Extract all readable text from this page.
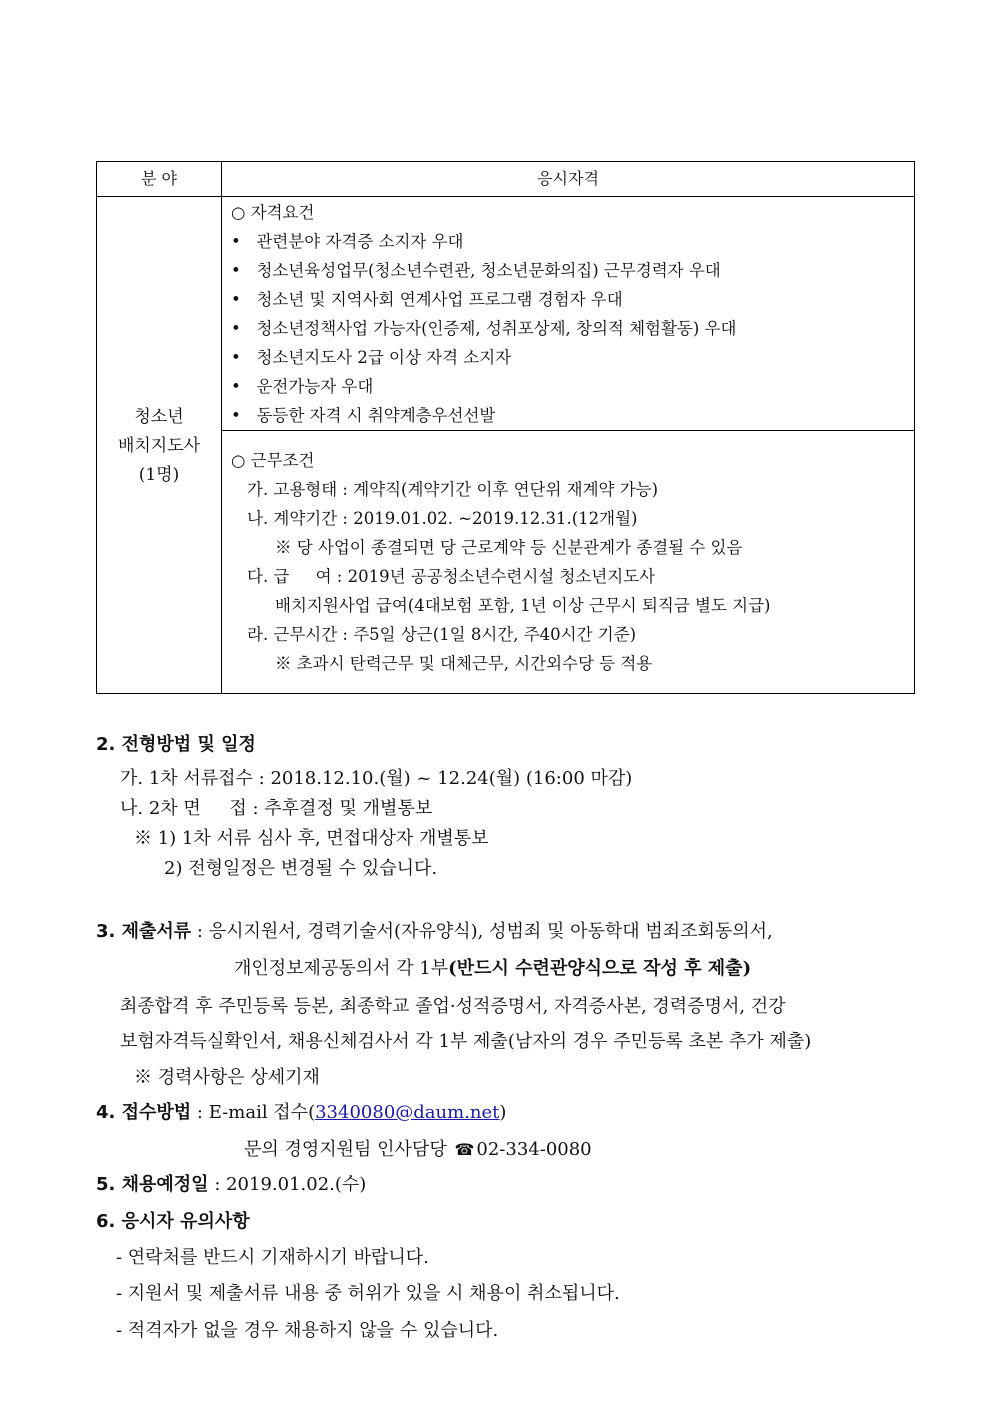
분 야	응시자격
청소년
배치지도사
(1명)
○ 자격요건
• 관련분야 자격증 소지자 우대
• 청소년육성업무(청소년수련관, 청소년문화의집) 근무경력자 우대
• 청소년 및 지역사회 연계사업 프로그램 경험자 우대
• 청소년정책사업 가능자(인증제, 성취포상제, 창의적 체험활동) 우대
• 청소년지도사 2급 이상 자격 소지자
• 운전가능자 우대
• 동등한 자격 시 취약계층우선선발
○ 근무조건
가. 고용형태 : 계약직(계약기간 이후 연단위 재계약 가능)
나. 계약기간 : 2019.01.02. ~2019.12.31.(12개월)
※ 당 사업이 종결되면 당 근로계약 등 신분관계가 종결될 수 있음
다. 급     여 : 2019년 공공청소년수련시설 청소년지도사
배치지원사업 급여(4대보험 포함, 1년 이상 근무시 퇴직금 별도 지급)
라. 근무시간 : 주5일 상근(1일 8시간, 주40시간 기준)
※ 초과시 탄력근무 및 대체근무, 시간외수당 등 적용
2. 전형방법 및 일정
가. 1차 서류접수 : 2018.12.10.(월) ~ 12.24(월) (16:00 마감)
나. 2차 면     접 : 추후결정 및 개별통보
※ 1) 1차 서류 심사 후, 면접대상자 개별통보
2) 전형일정은 변경될 수 있습니다.
3. 제출서류 : 응시지원서, 경력기술서(자유양식), 성범죄 및 아동학대 범죄조회동의서,
개인정보제공동의서 각 1부(반드시 수련관양식으로 작성 후 제출)
최종합격 후 주민등록 등본, 최종학교 졸업·성적증명서, 자격증사본, 경력증명서, 건강
보험자격득실확인서, 채용신체검사서 각 1부 제출(남자의 경우 주민등록 초본 추가 제출)
※ 경력사항은 상세기재
4. 접수방법 : E-mail 접수(3340080@daum.net)
문의 경영지원팀 인사담당 ☎ 02-334-0080
5. 채용예정일 : 2019.01.02.(수)
6. 응시자 유의사항
- 연락처를 반드시 기재하시기 바랍니다.
- 지원서 및 제출서류 내용 중 허위가 있을 시 채용이 취소됩니다.
- 적격자가 없을 경우 채용하지 않을 수 있습니다.
